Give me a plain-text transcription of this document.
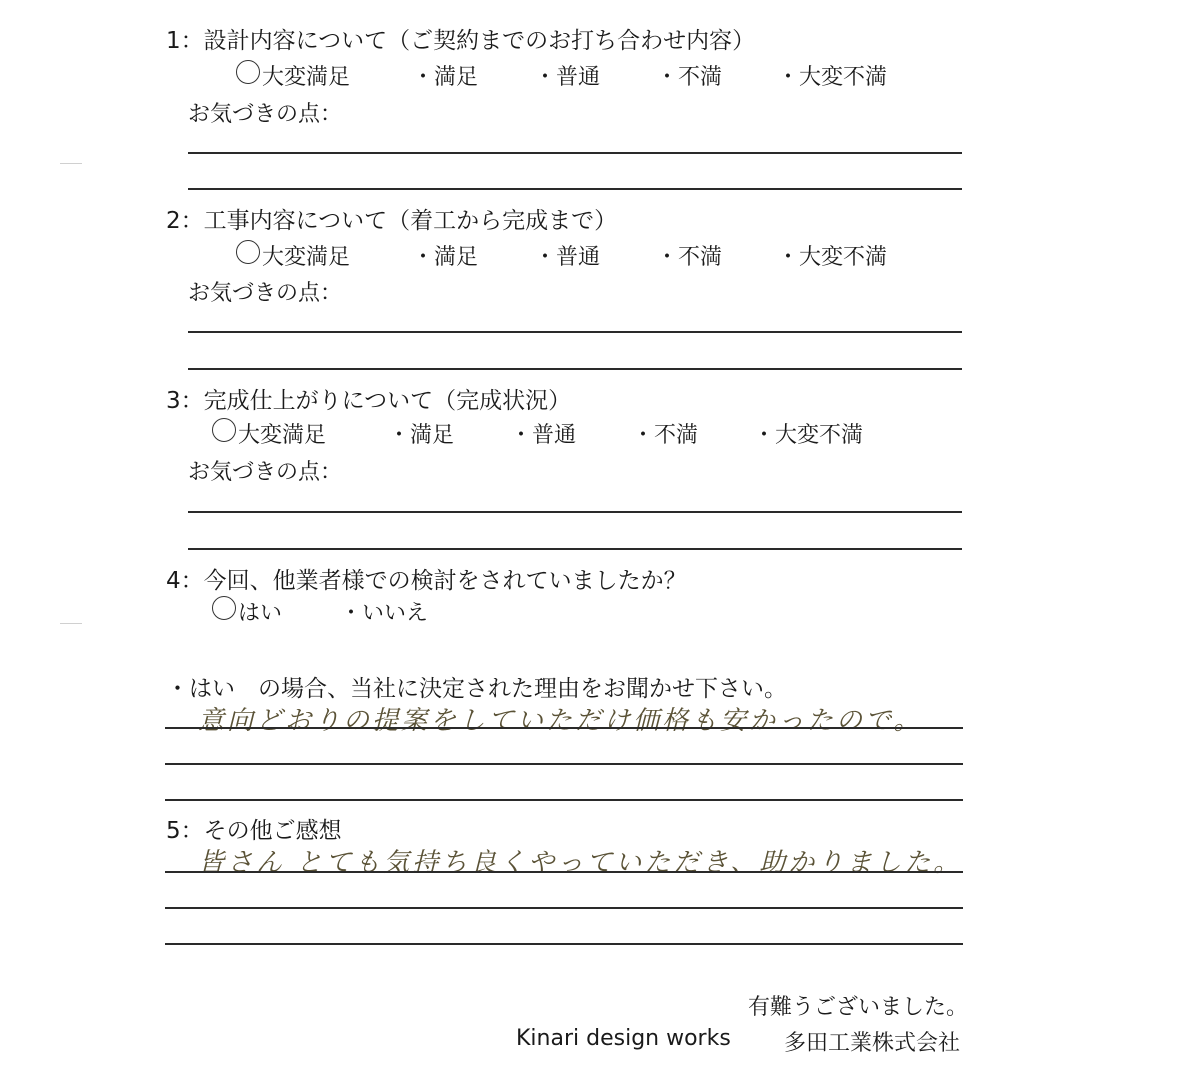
1：設計内容について（ご契約までのお打ち合わせ内容）
大変満足	・満足	・普通	・不満 ・大変不満
お気づきの点：
2：工事内容について（着工から完成まで）
大変満足	・満足	・普通	・不満 ・大変不満
お気づきの点：
3：完成仕上がりについて（完成状況）
大変満足	・満足	・普通	・不満 ・大変不満
お気づきの点：
4：今回、他業者様での検討をされていましたか？
はい	・いいえ
・はい　の場合、当社に決定された理由をお聞かせ下さい。
意向どおりの提案をしていただけ価格も安かったので。
5：その他ご感想
皆さん とても気持ち良くやっていただき、助かりました。
有難うございました。
Kinari design works 多田工業株式会社
